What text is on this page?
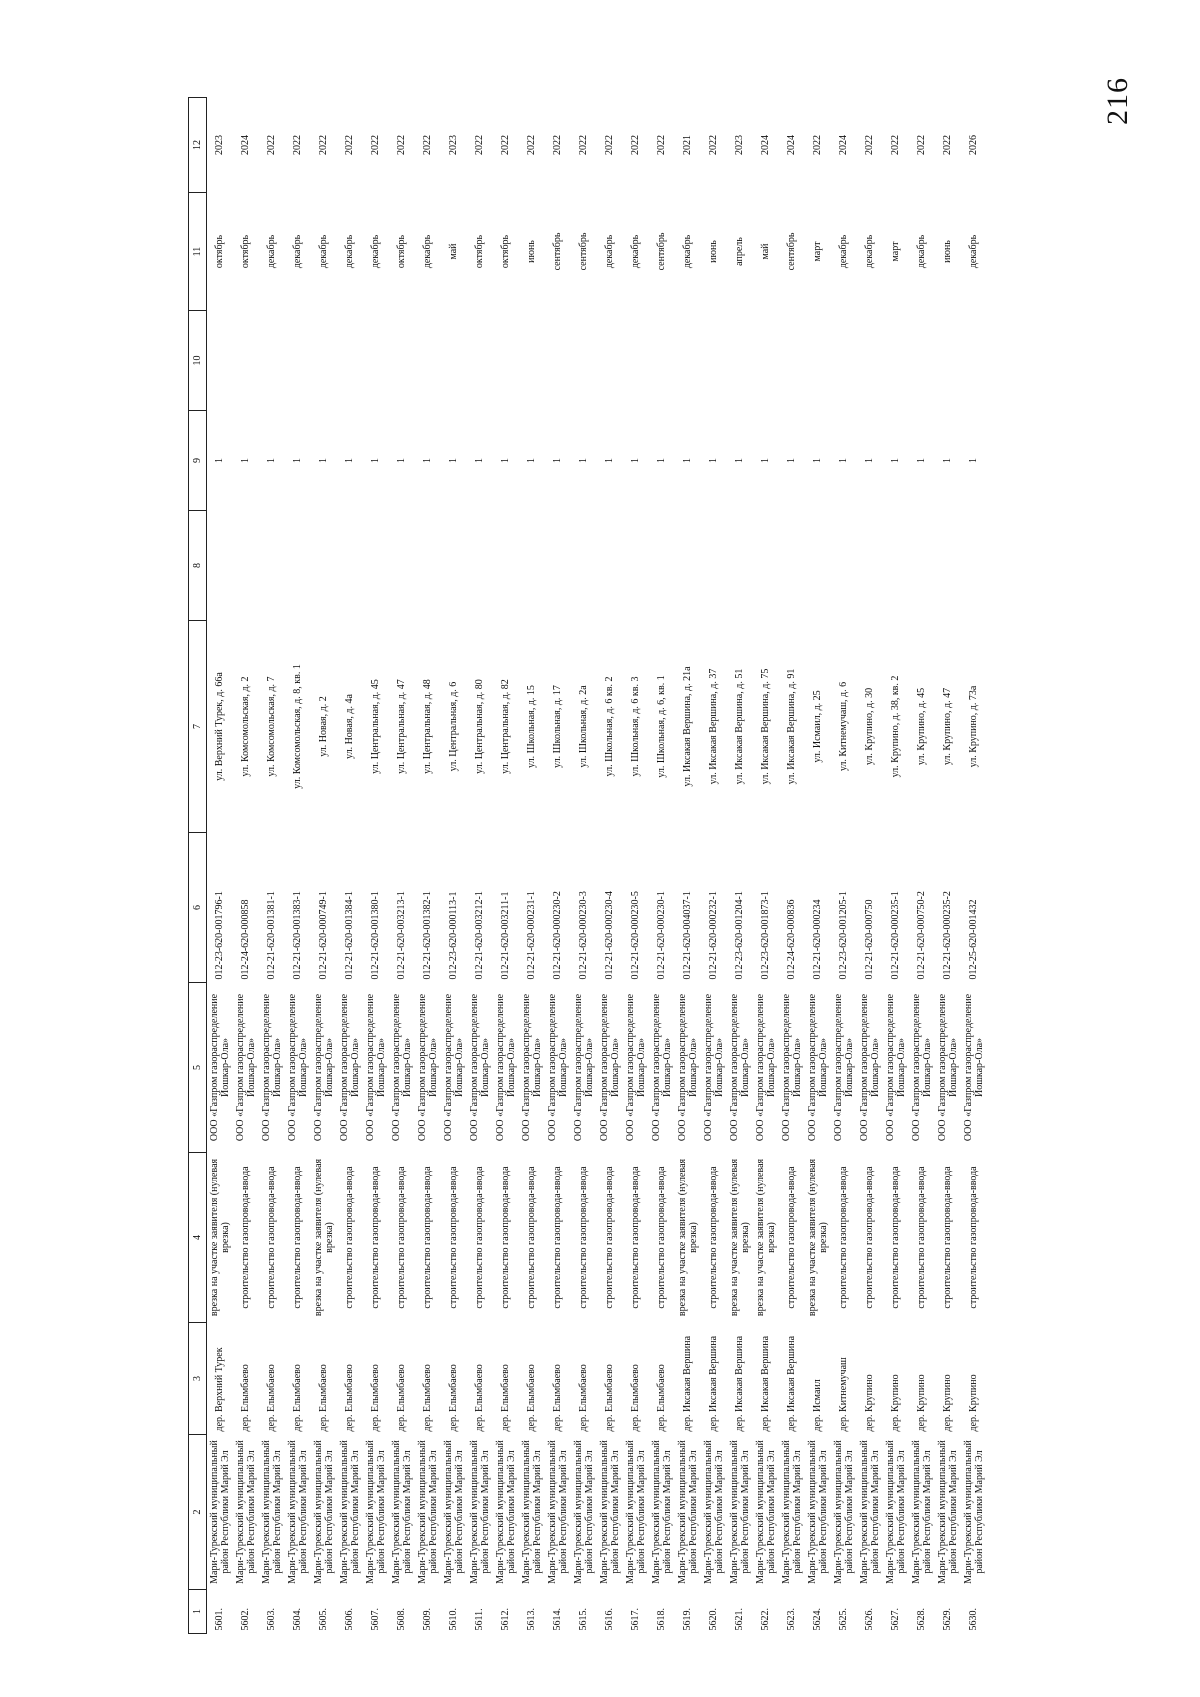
216
1	2	3	4	5	6	7	8	9	10	11	12
5601.	Мари-Турекский муниципальный район Республики Марий Эл	дер. Верхний Турек	врезка на участке заявителя (нулевая врезка)	ООО «Газпром газораспределение Йошкар-Ола»	012-23-620-001796-1	ул. Верхний Турек, д. 66а		1		октябрь	2023
5602.	Мари-Турекский муниципальный район Республики Марий Эл	дер. Елымбаево	строительство газопровода-ввода	ООО «Газпром газораспределение Йошкар-Ола»	012-24-620-000858	ул. Комсомольская, д. 2		1		октябрь	2024
5603.	Мари-Турекский муниципальный район Республики Марий Эл	дер. Елымбаево	строительство газопровода-ввода	ООО «Газпром газораспределение Йошкар-Ола»	012-21-620-001381-1	ул. Комсомольская, д. 7		1		декабрь	2022
5604.	Мари-Турекский муниципальный район Республики Марий Эл	дер. Елымбаево	строительство газопровода-ввода	ООО «Газпром газораспределение Йошкар-Ола»	012-21-620-001383-1	ул. Комсомольская, д. 8, кв. 1		1		декабрь	2022
5605.	Мари-Турекский муниципальный район Республики Марий Эл	дер. Елымбаево	врезка на участке заявителя (нулевая врезка)	ООО «Газпром газораспределение Йошкар-Ола»	012-21-620-000749-1	ул. Новая, д. 2		1		декабрь	2022
5606.	Мари-Турекский муниципальный район Республики Марий Эл	дер. Елымбаево	строительство газопровода-ввода	ООО «Газпром газораспределение Йошкар-Ола»	012-21-620-001384-1	ул. Новая, д. 4а		1		декабрь	2022
5607.	Мари-Турекский муниципальный район Республики Марий Эл	дер. Елымбаево	строительство газопровода-ввода	ООО «Газпром газораспределение Йошкар-Ола»	012-21-620-001380-1	ул. Центральная, д. 45		1		декабрь	2022
5608.	Мари-Турекский муниципальный район Республики Марий Эл	дер. Елымбаево	строительство газопровода-ввода	ООО «Газпром газораспределение Йошкар-Ола»	012-21-620-003213-1	ул. Центральная, д. 47		1		октябрь	2022
5609.	Мари-Турекский муниципальный район Республики Марий Эл	дер. Елымбаево	строительство газопровода-ввода	ООО «Газпром газораспределение Йошкар-Ола»	012-21-620-001382-1	ул. Центральная, д. 48		1		декабрь	2022
5610.	Мари-Турекский муниципальный район Республики Марий Эл	дер. Елымбаево	строительство газопровода-ввода	ООО «Газпром газораспределение Йошкар-Ола»	012-23-620-000113-1	ул. Центральная, д. 6		1		май	2023
5611.	Мари-Турекский муниципальный район Республики Марий Эл	дер. Елымбаево	строительство газопровода-ввода	ООО «Газпром газораспределение Йошкар-Ола»	012-21-620-003212-1	ул. Центральная, д. 80		1		октябрь	2022
5612.	Мари-Турекский муниципальный район Республики Марий Эл	дер. Елымбаево	строительство газопровода-ввода	ООО «Газпром газораспределение Йошкар-Ола»	012-21-620-003211-1	ул. Центральная, д. 82		1		октябрь	2022
5613.	Мари-Турекский муниципальный район Республики Марий Эл	дер. Елымбаево	строительство газопровода-ввода	ООО «Газпром газораспределение Йошкар-Ола»	012-21-620-000231-1	ул. Школьная, д. 15		1		июнь	2022
5614.	Мари-Турекский муниципальный район Республики Марий Эл	дер. Елымбаево	строительство газопровода-ввода	ООО «Газпром газораспределение Йошкар-Ола»	012-21-620-000230-2	ул. Школьная, д. 17		1		сентябрь	2022
5615.	Мари-Турекский муниципальный район Республики Марий Эл	дер. Елымбаево	строительство газопровода-ввода	ООО «Газпром газораспределение Йошкар-Ола»	012-21-620-000230-3	ул. Школьная, д. 2а		1		сентябрь	2022
5616.	Мари-Турекский муниципальный район Республики Марий Эл	дер. Елымбаево	строительство газопровода-ввода	ООО «Газпром газораспределение Йошкар-Ола»	012-21-620-000230-4	ул. Школьная, д. 6 кв. 2		1		декабрь	2022
5617.	Мари-Турекский муниципальный район Республики Марий Эл	дер. Елымбаево	строительство газопровода-ввода	ООО «Газпром газораспределение Йошкар-Ола»	012-21-620-000230-5	ул. Школьная, д. 6 кв. 3		1		декабрь	2022
5618.	Мари-Турекский муниципальный район Республики Марий Эл	дер. Елымбаево	строительство газопровода-ввода	ООО «Газпром газораспределение Йошкар-Ола»	012-21-620-000230-1	ул. Школьная, д. 6, кв. 1		1		сентябрь	2022
5619.	Мари-Турекский муниципальный район Республики Марий Эл	дер. Иксакая Вершина	врезка на участке заявителя (нулевая врезка)	ООО «Газпром газораспределение Йошкар-Ола»	012-21-620-004037-1	ул. Иксакая Вершина, д. 21а		1		декабрь	2021
5620.	Мари-Турекский муниципальный район Республики Марий Эл	дер. Иксакая Вершина	строительство газопровода-ввода	ООО «Газпром газораспределение Йошкар-Ола»	012-21-620-000232-1	ул. Иксакая Вершина, д. 37		1		июнь	2022
5621.	Мари-Турекский муниципальный район Республики Марий Эл	дер. Иксакая Вершина	врезка на участке заявителя (нулевая врезка)	ООО «Газпром газораспределение Йошкар-Ола»	012-23-620-001204-1	ул. Иксакая Вершина, д. 51		1		апрель	2023
5622.	Мари-Турекский муниципальный район Республики Марий Эл	дер. Иксакая Вершина	врезка на участке заявителя (нулевая врезка)	ООО «Газпром газораспределение Йошкар-Ола»	012-23-620-001873-1	ул. Иксакая Вершина, д. 75		1		май	2024
5623.	Мари-Турекский муниципальный район Республики Марий Эл	дер. Иксакая Вершина	строительство газопровода-ввода	ООО «Газпром газораспределение Йошкар-Ола»	012-24-620-000836	ул. Иксакая Вершина, д. 91		1		сентябрь	2024
5624.	Мари-Турекский муниципальный район Республики Марий Эл	дер. Исмаил	врезка на участке заявителя (нулевая врезка)	ООО «Газпром газораспределение Йошкар-Ола»	012-21-620-000234	ул. Исмаил, д. 25		1		март	2022
5625.	Мари-Турекский муниципальный район Республики Марий Эл	дер. Китнемучаш	строительство газопровода-ввода	ООО «Газпром газораспределение Йошкар-Ола»	012-23-620-001205-1	ул. Китнемучаш, д. 6		1		декабрь	2024
5626.	Мари-Турекский муниципальный район Республики Марий Эл	дер. Крупино	строительство газопровода-ввода	ООО «Газпром газораспределение Йошкар-Ола»	012-21-620-000750	ул. Крупино, д. 30		1		декабрь	2022
5627.	Мари-Турекский муниципальный район Республики Марий Эл	дер. Крупино	строительство газопровода-ввода	ООО «Газпром газораспределение Йошкар-Ола»	012-21-620-000235-1	ул. Крупино, д. 38, кв. 2		1		март	2022
5628.	Мари-Турекский муниципальный район Республики Марий Эл	дер. Крупино	строительство газопровода-ввода	ООО «Газпром газораспределение Йошкар-Ола»	012-21-620-000750-2	ул. Крупино, д. 45		1		декабрь	2022
5629.	Мари-Турекский муниципальный район Республики Марий Эл	дер. Крупино	строительство газопровода-ввода	ООО «Газпром газораспределение Йошкар-Ола»	012-21-620-000235-2	ул. Крупино, д. 47		1		июнь	2022
5630.	Мари-Турекский муниципальный район Республики Марий Эл	дер. Крупино	строительство газопровода-ввода	ООО «Газпром газораспределение Йошкар-Ола»	012-25-620-001432	ул. Крупино, д. 73а		1		декабрь	2026
